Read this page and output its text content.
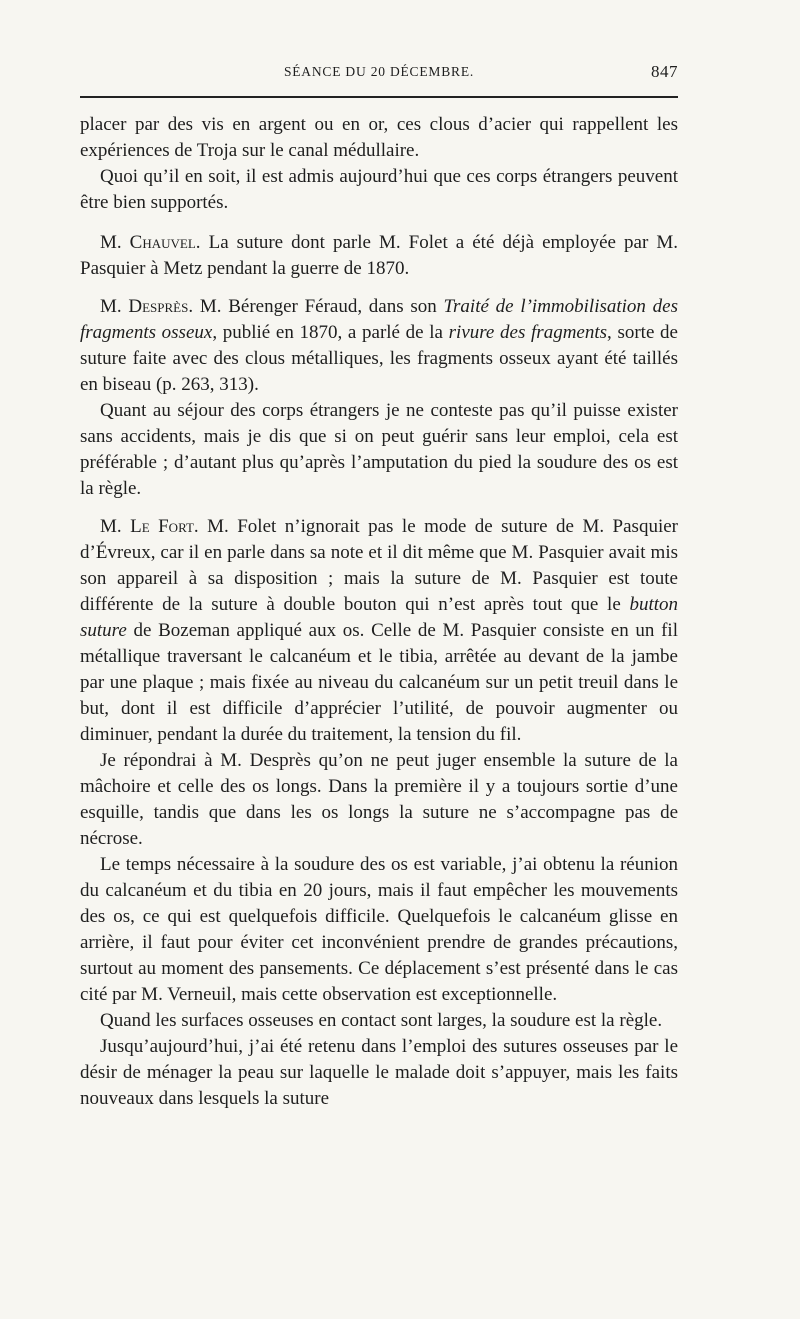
SÉANCE DU 20 DÉCEMBRE.	847

placer par des vis en argent ou en or, ces clous d’acier qui rappellent les expériences de Troja sur le canal médullaire.

Quoi qu’il en soit, il est admis aujourd’hui que ces corps étrangers peuvent être bien supportés.

M. Chauvel. La suture dont parle M. Folet a été déjà employée par M. Pasquier à Metz pendant la guerre de 1870.

M. Desprès. M. Bérenger Féraud, dans son Traité de l’immobilisation des fragments osseux, publié en 1870, a parlé de la rivure des fragments, sorte de suture faite avec des clous métalliques, les fragments osseux ayant été taillés en biseau (p. 263, 313).

Quant au séjour des corps étrangers je ne conteste pas qu’il puisse exister sans accidents, mais je dis que si on peut guérir sans leur emploi, cela est préférable ; d’autant plus qu’après l’amputation du pied la soudure des os est la règle.

M. Le Fort. M. Folet n’ignorait pas le mode de suture de M. Pasquier d’Évreux, car il en parle dans sa note et il dit même que M. Pasquier avait mis son appareil à sa disposition ; mais la suture de M. Pasquier est toute différente de la suture à double bouton qui n’est après tout que le button suture de Bozeman appliqué aux os. Celle de M. Pasquier consiste en un fil métallique traversant le calcanéum et le tibia, arrêtée au devant de la jambe par une plaque ; mais fixée au niveau du calcanéum sur un petit treuil dans le but, dont il est difficile d’apprécier l’utilité, de pouvoir augmenter ou diminuer, pendant la durée du traitement, la tension du fil.

Je répondrai à M. Desprès qu’on ne peut juger ensemble la suture de la mâchoire et celle des os longs. Dans la première il y a toujours sortie d’une esquille, tandis que dans les os longs la suture ne s’accompagne pas de nécrose.

Le temps nécessaire à la soudure des os est variable, j’ai obtenu la réunion du calcanéum et du tibia en 20 jours, mais il faut empêcher les mouvements des os, ce qui est quelquefois difficile. Quelquefois le calcanéum glisse en arrière, il faut pour éviter cet inconvénient prendre de grandes précautions, surtout au moment des pansements. Ce déplacement s’est présenté dans le cas cité par M. Verneuil, mais cette observation est exceptionnelle.

Quand les surfaces osseuses en contact sont larges, la soudure est la règle.

Jusqu’aujourd’hui, j’ai été retenu dans l’emploi des sutures osseuses par le désir de ménager la peau sur laquelle le malade doit s’appuyer, mais les faits nouveaux dans lesquels la suture
